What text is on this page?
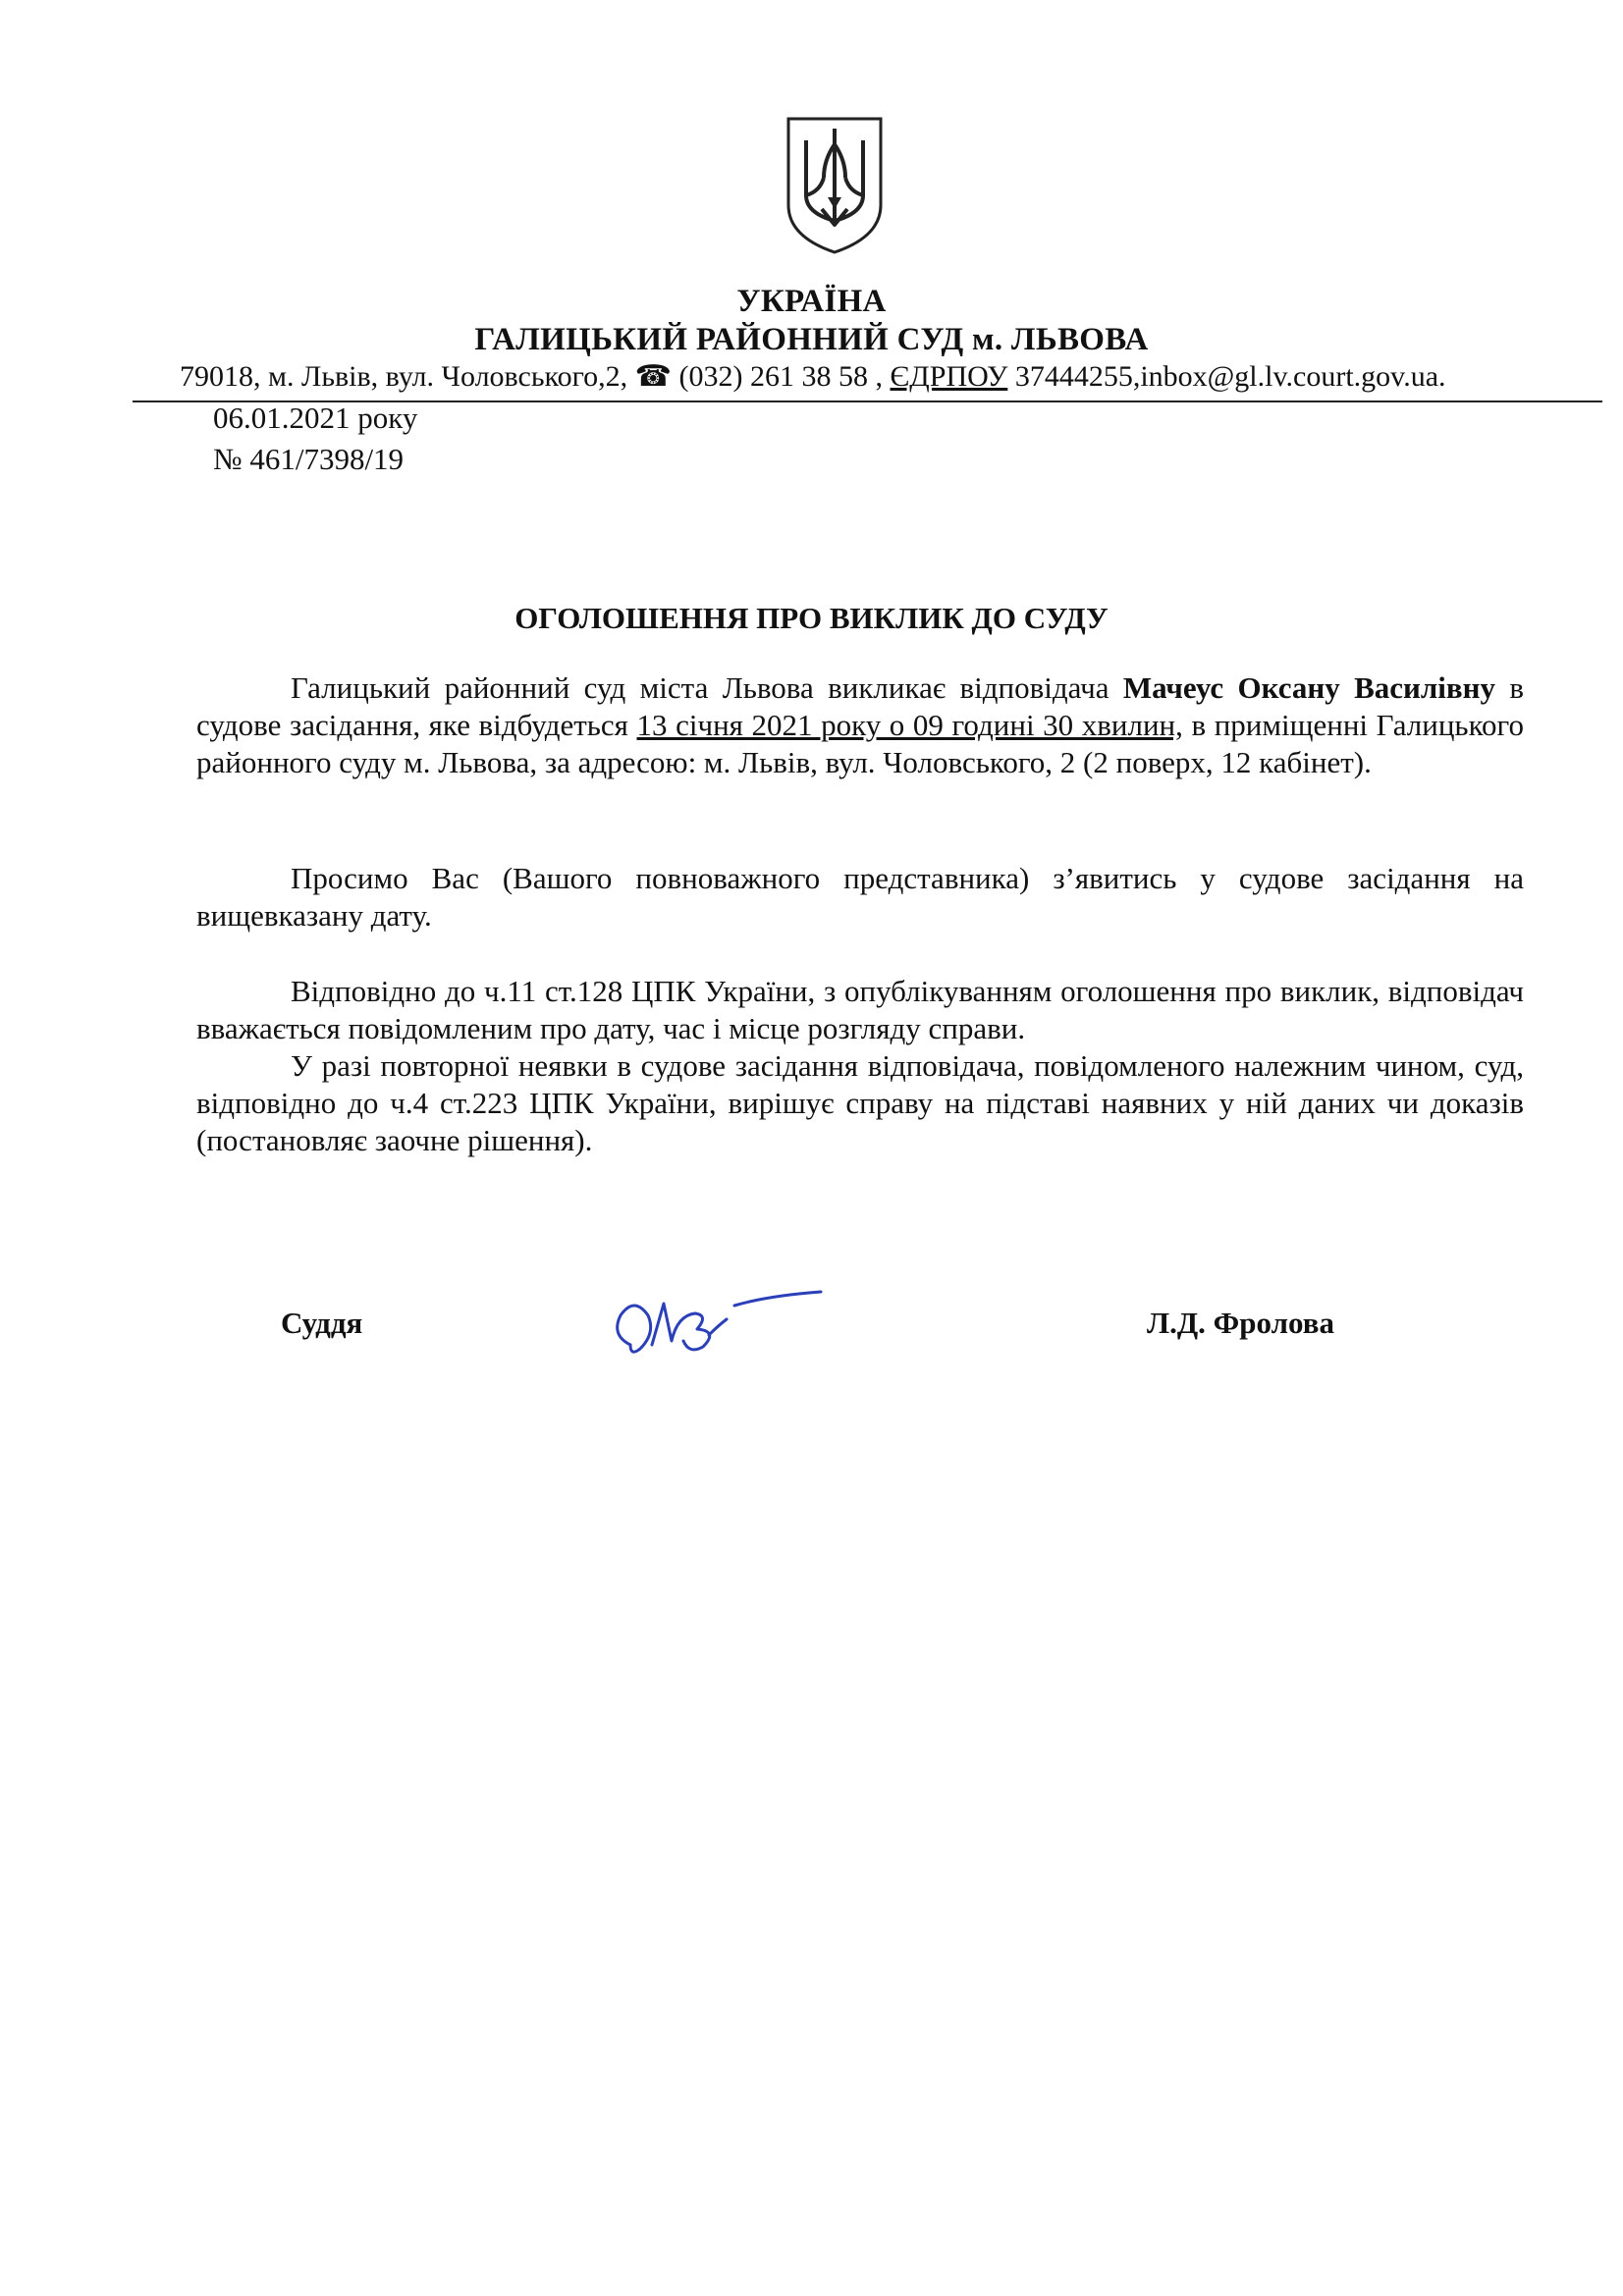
УКРАЇНА
ГАЛИЦЬКИЙ РАЙОННИЙ СУД м. ЛЬВОВА
79018, м. Львів, вул. Чоловського,2, ☎ (032) 261 38 58 , ЄДРПОУ 37444255,inbox@gl.lv.court.gov.ua.
06.01.2021 року
№ 461/7398/19
ОГОЛОШЕННЯ ПРО ВИКЛИК ДО СУДУ

Галицький районний суд міста Львова викликає відповідача Мачеус Оксану Василівну в судове засідання, яке відбудеться 13 січня 2021 року о 09 годині 30 хвилин, в приміщенні Галицького районного суду м. Львова, за адресою: м. Львів, вул. Чоловського, 2 (2 поверх, 12 кабінет).

Просимо Вас (Вашого повноважного представника) з’явитись у судове засідання на вищевказану дату.

Відповідно до ч.11 ст.128 ЦПК України, з опублікуванням оголошення про виклик, відповідач вважається повідомленим про дату, час і місце розгляду справи.

У разі повторної неявки в судове засідання відповідача, повідомленого належним чином, суд, відповідно до ч.4 ст.223 ЦПК України, вирішує справу на підставі наявних у ній даних чи доказів (постановляє заочне рішення).

Суддя	Л.Д. Фролова
